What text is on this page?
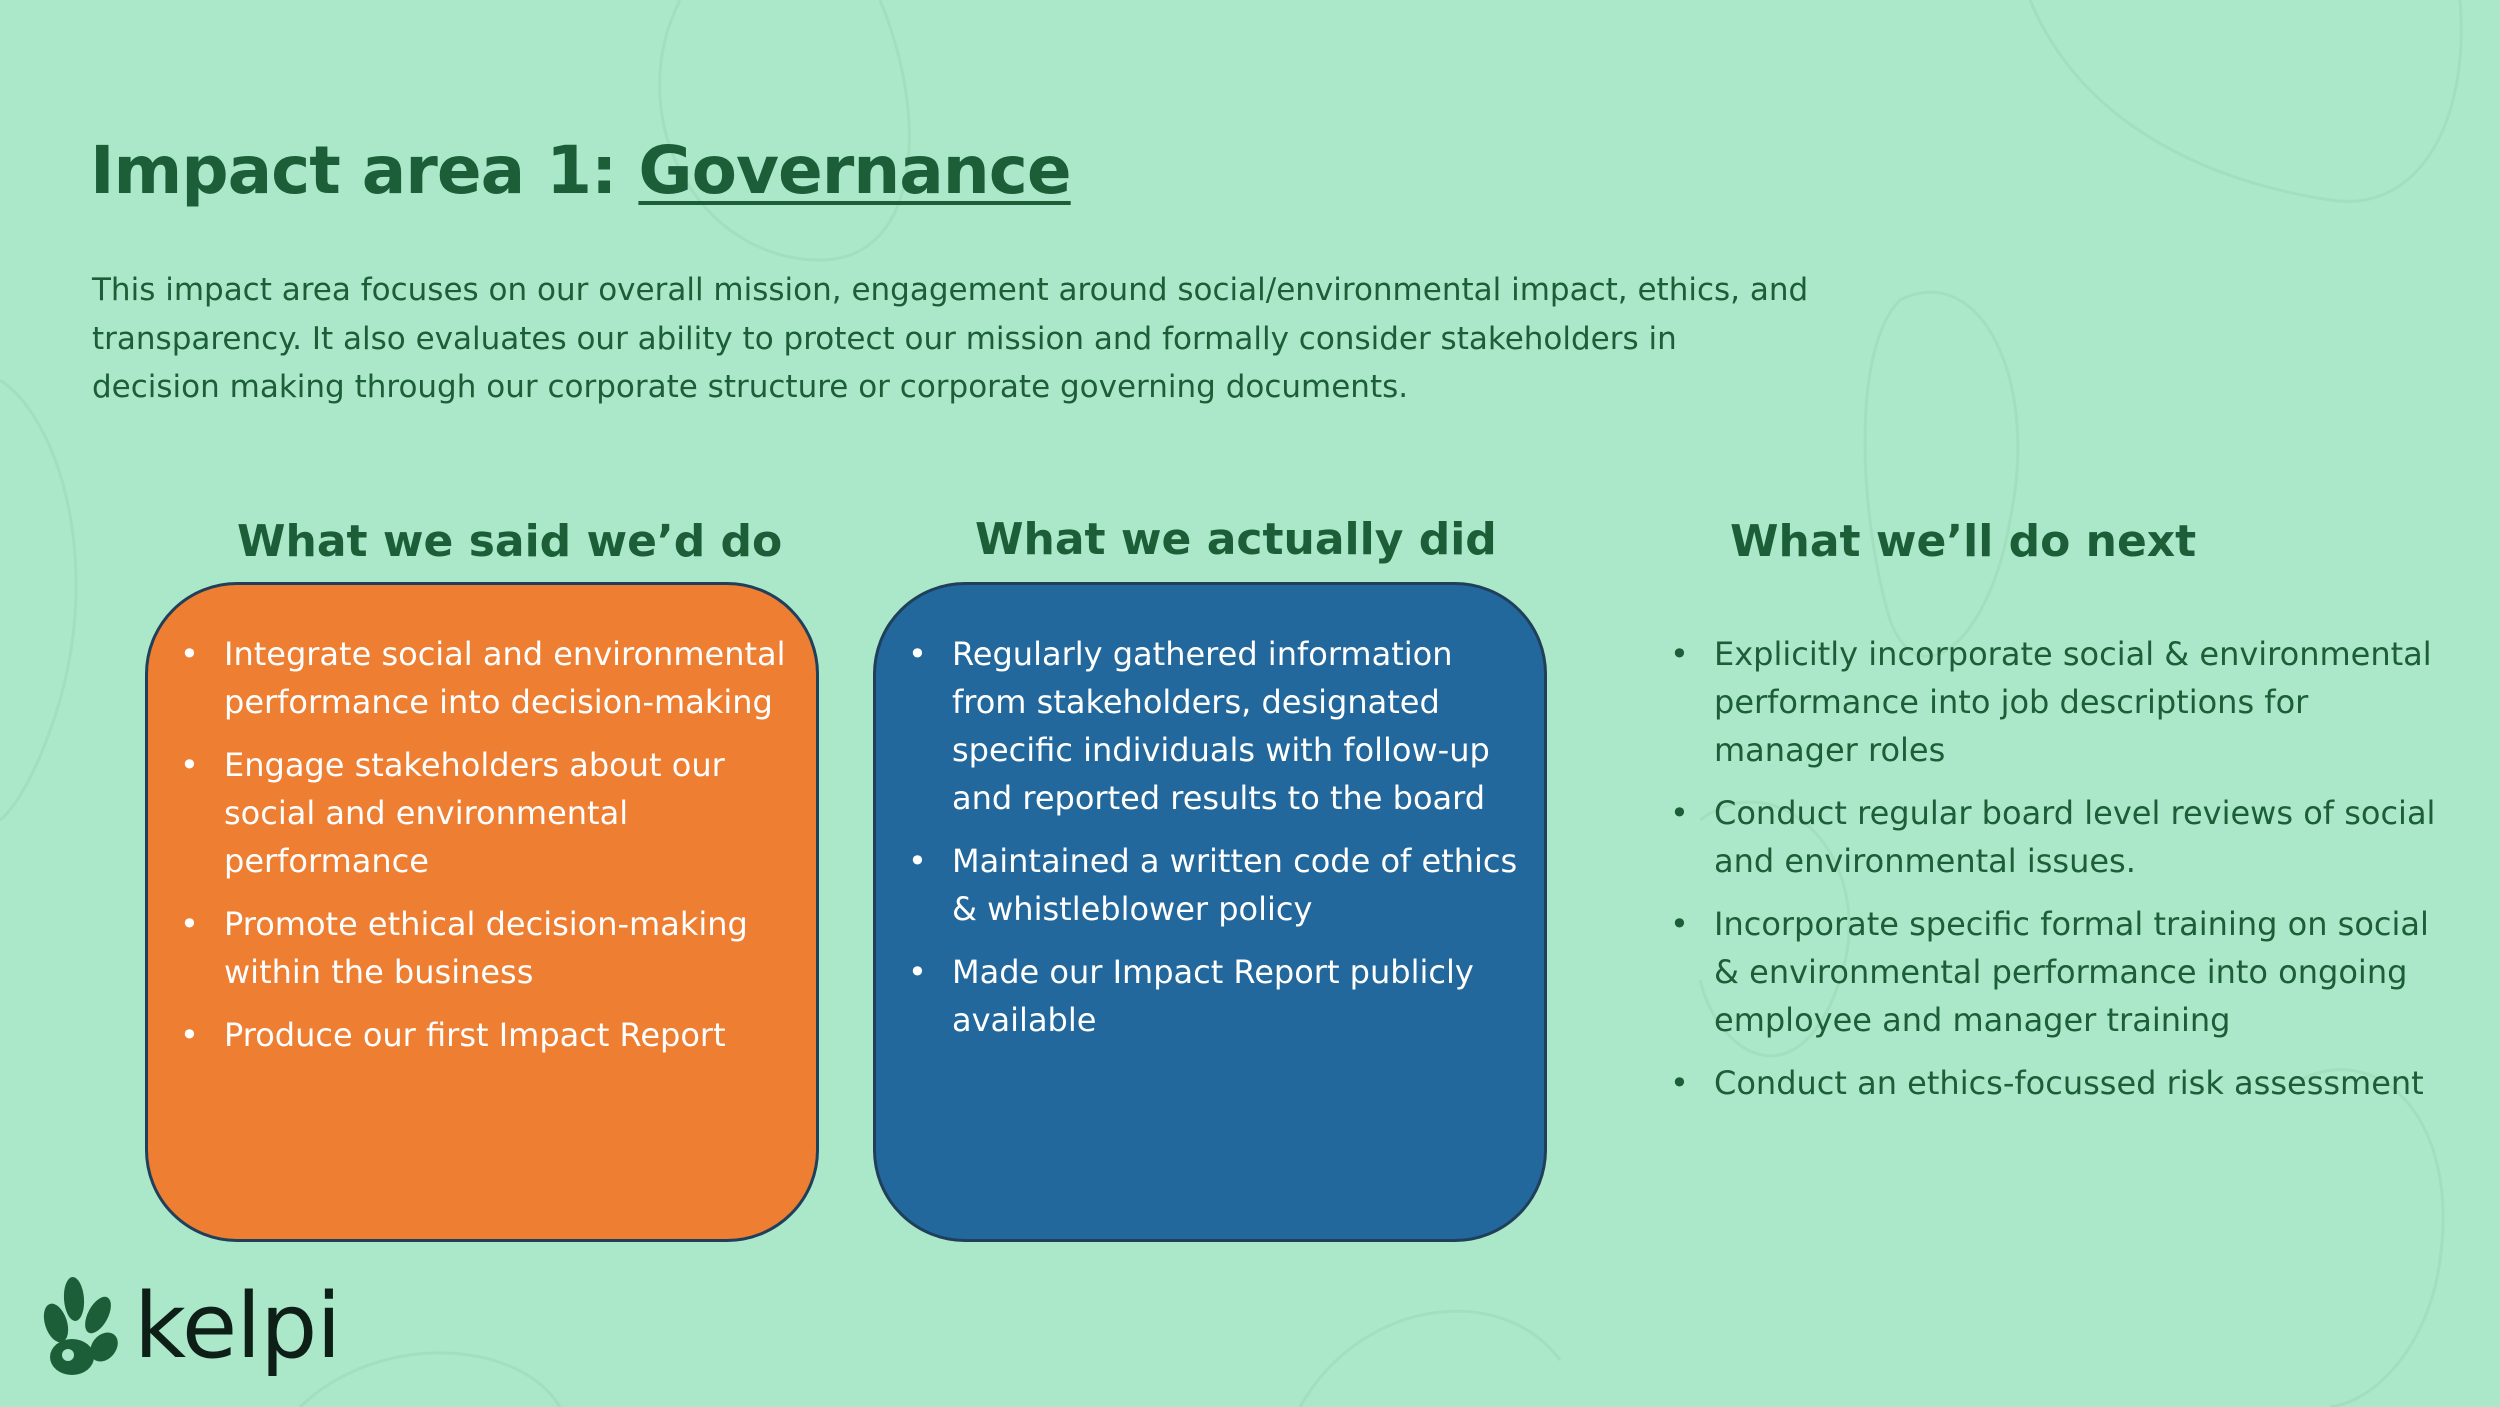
Impact area 1: Governance

This impact area focuses on our overall mission, engagement around social/environmental impact, ethics, and transparency. It also evaluates our ability to protect our mission and formally consider stakeholders in decision making through our corporate structure or corporate governing documents.

What we said we’d do	What we actually did	What we’ll do next
• Integrate social and environmental performance into decision-making
• Engage stakeholders about our social and environmental performance
• Promote ethical decision-making within the business
• Produce our first Impact Report
• Regularly gathered information from stakeholders, designated specific individuals with follow-up and reported results to the board
• Maintained a written code of ethics & whistleblower policy
• Made our Impact Report publicly available
• Explicitly incorporate social & environmental performance into job descriptions for manager roles
• Conduct regular board level reviews of social and environmental issues.
• Incorporate specific formal training on social & environmental performance into ongoing employee and manager training
• Conduct an ethics-focussed risk assessment
kelpi
